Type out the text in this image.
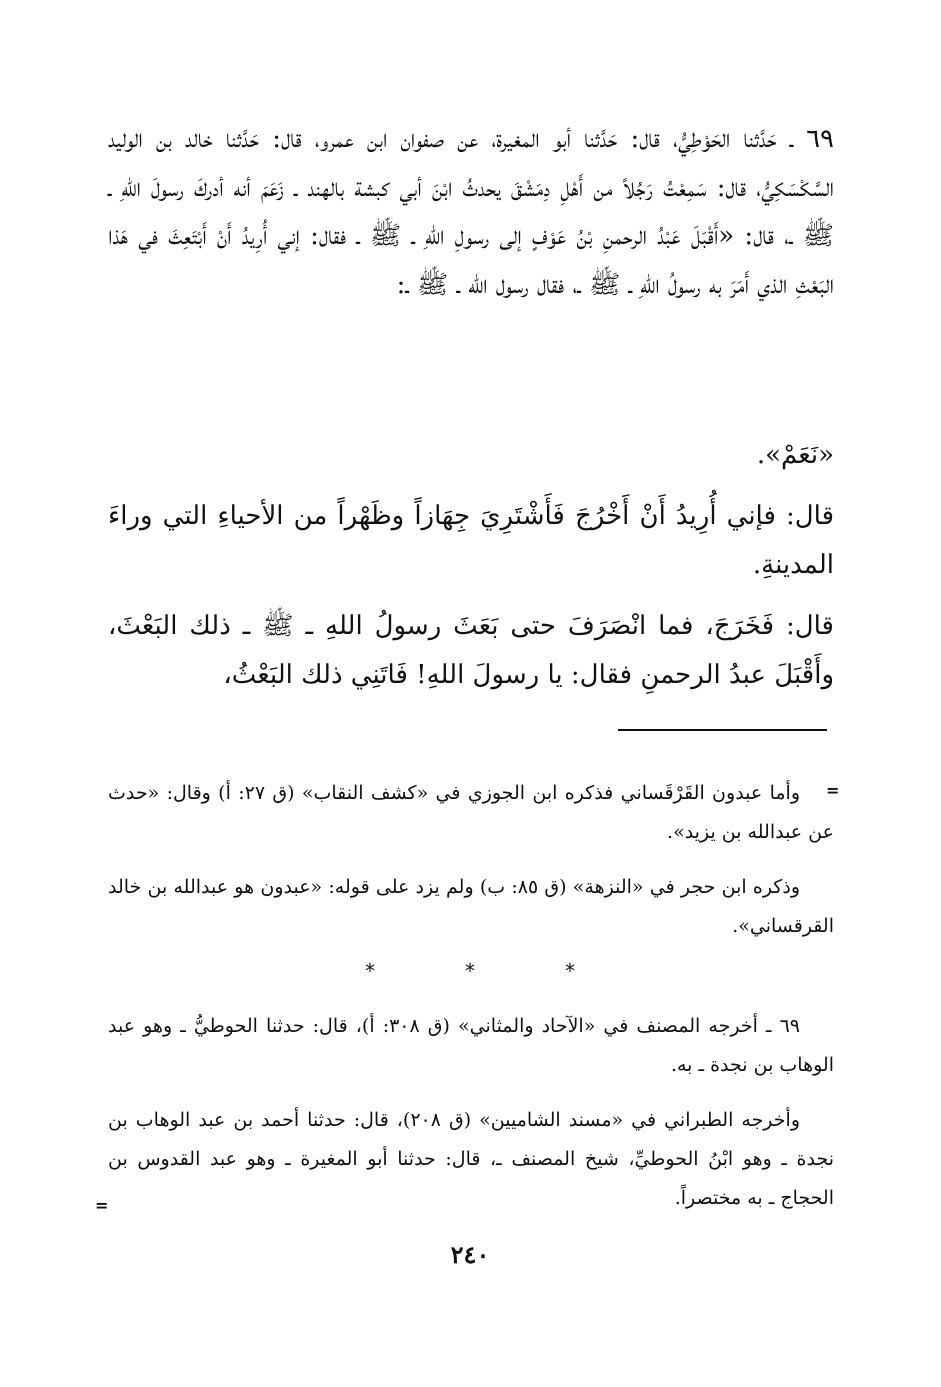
٦٩ ـ حَدَّثنا الحَوْطِيُّ، قال: حَدَّثنا أبو المغيرة، عن صفوان ابن عمرو، قال: حَدَّثنا خالد بن الوليد السَّكْسَكِيُّ، قال: سَمِعْتُ رَجُلاً من أَهْلِ دِمَشْقَ يحدثُ ابْنَ أبي كبشة بالهند ـ زَعَمَ أنه أدركَ رسولَ اللهِ ـ ﷺ ـ، قال: «أَقْبَلَ عَبْدُ الرحمنِ بْنُ عَوْفٍ إلى رسولِ اللهِ ـ ﷺ ـ فقال: إني أُرِيدُ أَنْ أَبْتَعِثَ في هَذا البَعْثِ الذي أَمَرَ به رسولُ اللهِ ـ ﷺ ـ، فقال رسول الله ـ ﷺ ـ:

«نَعَمْ».

قال: فإني أُرِيدُ أَنْ أَخْرُجَ فَأَشْتَرِيَ جِهَازاً وظَهْراً من الأحياءِ التي وراءَ المدينةِ.

قال: فَخَرَجَ، فما انْصَرَفَ حتى بَعَثَ رسولُ اللهِ ـ ﷺ ـ ذلك البَعْثَ، وأَقْبَلَ عبدُ الرحمنِ فقال: يا رسولَ اللهِ! فَاتَنِي ذلك البَعْثُ،

=

وأما عبدون القَرْقَساني فذكره ابن الجوزي في «كشف النقاب» (ق ٢٧: أ) وقال: «حدث عن عبدالله بن يزيد».

وذكره ابن حجر في «النزهة» (ق ٨٥: ب) ولم يزد على قوله: «عبدون هو عبدالله بن خالد القرقساني».

*	*	*

٦٩ ـ أخرجه المصنف في «الآحاد والمثاني» (ق ٣٠٨: أ)، قال: حدثنا الحوطيُّ ـ وهو عبد الوهاب بن نجدة ـ به.

وأخرجه الطبراني في «مسند الشاميين» (ق ٢٠٨)، قال: حدثنا أحمد بن عبد الوهاب بن نجدة ـ وهو ابْنُ الحوطيِّ، شيخ المصنف ـ، قال: حدثنا أبو المغيرة ـ وهو عبد القدوس بن الحجاج ـ به مختصراً.

=
٢٤٠
